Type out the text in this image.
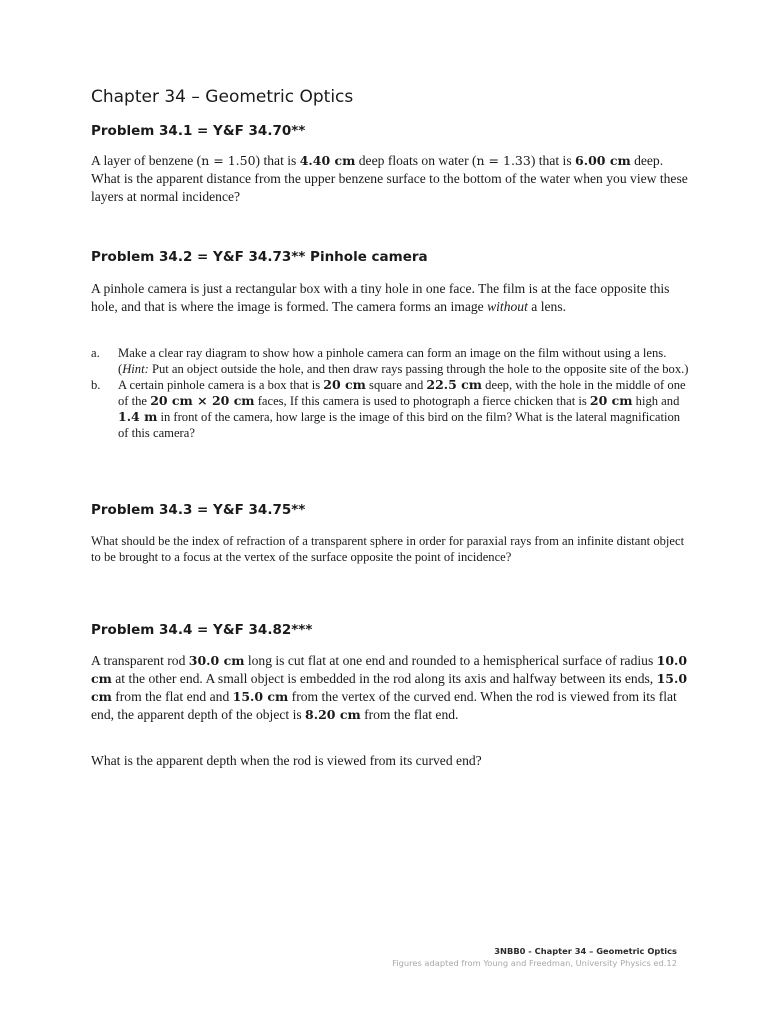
Chapter 34 – Geometric Optics
Problem 34.1 = Y&F 34.70**

A layer of benzene (n = 1.50) that is 4.40 cm deep floats on water (n = 1.33) that is 6.00 cm deep. What is the apparent distance from the upper benzene surface to the bottom of the water when you view these layers at normal incidence?

Problem 34.2 = Y&F 34.73** Pinhole camera

A pinhole camera is just a rectangular box with a tiny hole in one face. The film is at the face opposite this hole, and that is where the image is formed. The camera forms an image without a lens.

a. Make a clear ray diagram to show how a pinhole camera can form an image on the film without using a lens. (Hint: Put an object outside the hole, and then draw rays passing through the hole to the opposite site of the box.)
b. A certain pinhole camera is a box that is 20 cm square and 22.5 cm deep, with the hole in the middle of one of the 20 cm × 20 cm faces, If this camera is used to photograph a fierce chicken that is 20 cm high and 1.4 m in front of the camera, how large is the image of this bird on the film? What is the lateral magnification of this camera?
Problem 34.3 = Y&F 34.75**

What should be the index of refraction of a transparent sphere in order for paraxial rays from an infinite distant object to be brought to a focus at the vertex of the surface opposite the point of incidence?

Problem 34.4 = Y&F 34.82***

A transparent rod 30.0 cm long is cut flat at one end and rounded to a hemispherical surface of radius 10.0 cm at the other end. A small object is embedded in the rod along its axis and halfway between its ends, 15.0 cm from the flat end and 15.0 cm from the vertex of the curved end. When the rod is viewed from its flat end, the apparent depth of the object is 8.20 cm from the flat end.

What is the apparent depth when the rod is viewed from its curved end?

3NBB0 - Chapter 34 – Geometric Optics
Figures adapted from Young and Freedman, University Physics ed.12
